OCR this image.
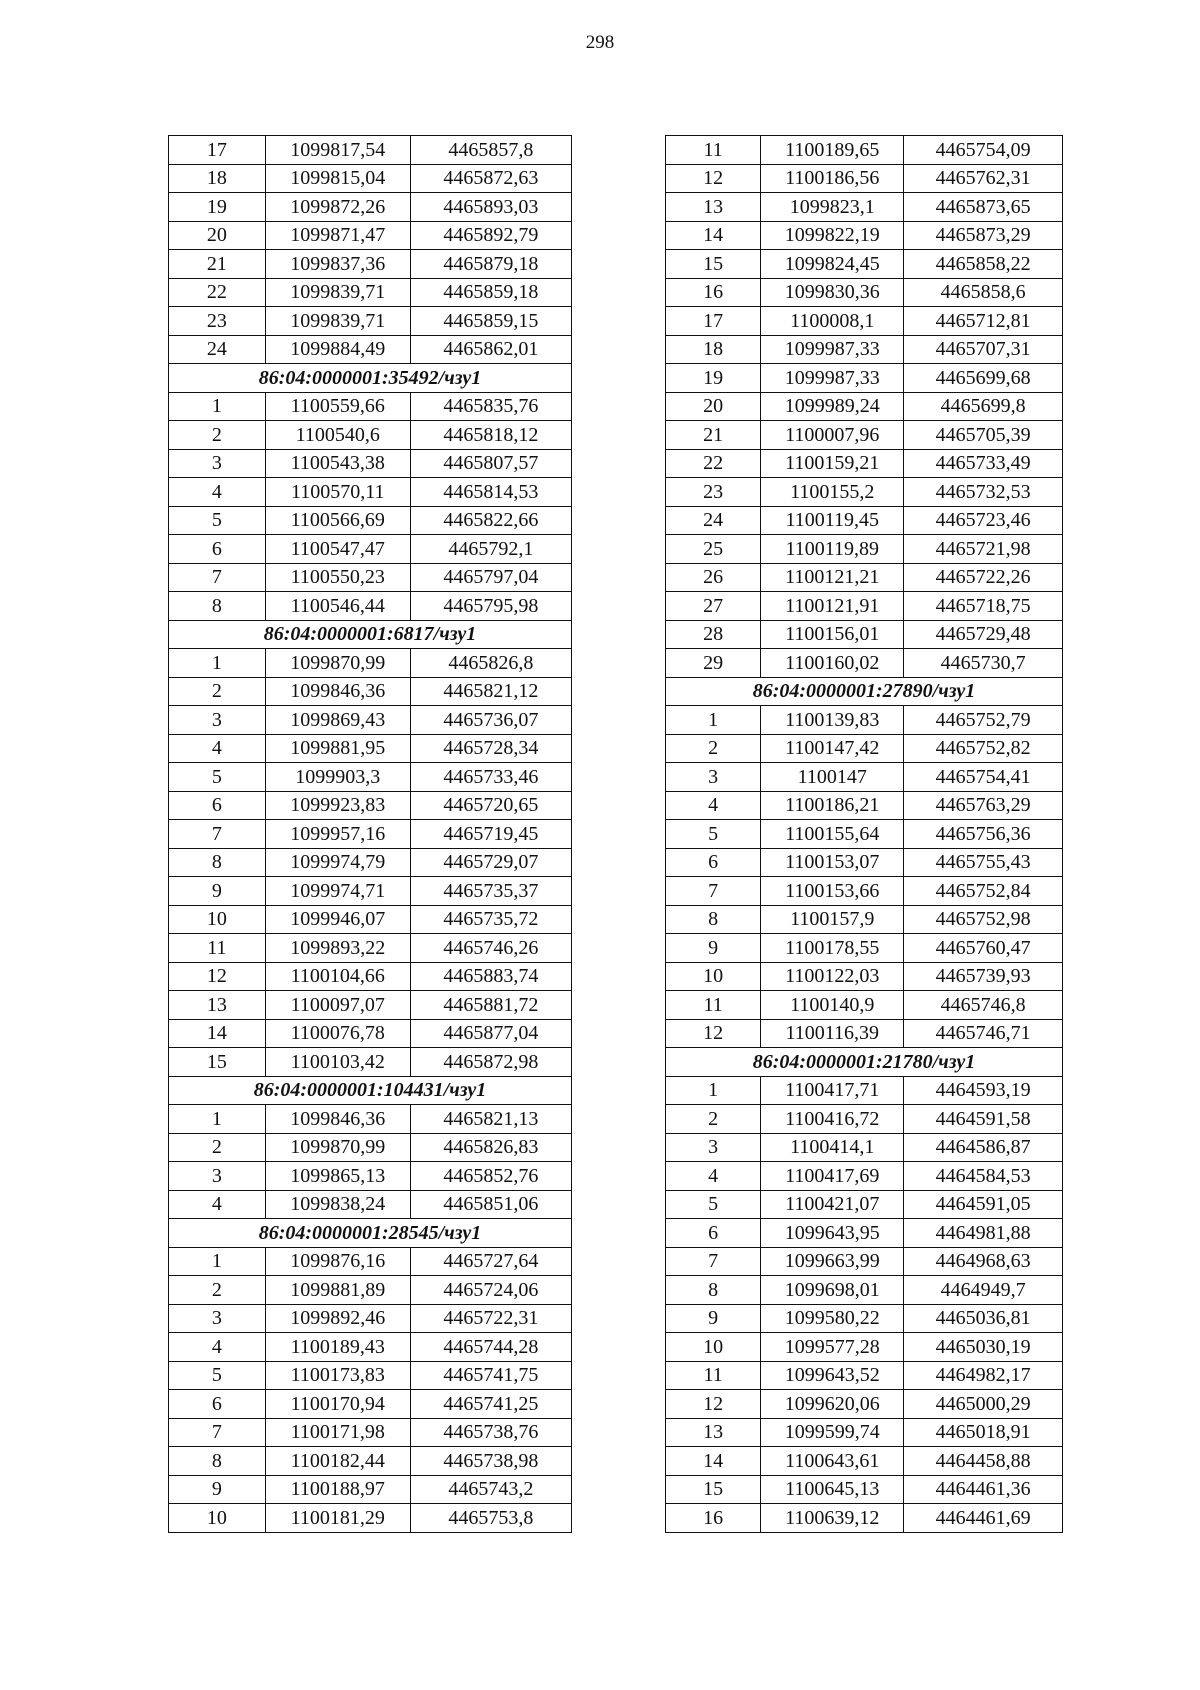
298
17	1099817,54	4465857,8
18	1099815,04	4465872,63
19	1099872,26	4465893,03
20	1099871,47	4465892,79
21	1099837,36	4465879,18
22	1099839,71	4465859,18
23	1099839,71	4465859,15
24	1099884,49	4465862,01
86:04:0000001:35492/чзу1		
1	1100559,66	4465835,76
2	1100540,6	4465818,12
3	1100543,38	4465807,57
4	1100570,11	4465814,53
5	1100566,69	4465822,66
6	1100547,47	4465792,1
7	1100550,23	4465797,04
8	1100546,44	4465795,98
86:04:0000001:6817/чзу1		
1	1099870,99	4465826,8
2	1099846,36	4465821,12
3	1099869,43	4465736,07
4	1099881,95	4465728,34
5	1099903,3	4465733,46
6	1099923,83	4465720,65
7	1099957,16	4465719,45
8	1099974,79	4465729,07
9	1099974,71	4465735,37
10	1099946,07	4465735,72
11	1099893,22	4465746,26
12	1100104,66	4465883,74
13	1100097,07	4465881,72
14	1100076,78	4465877,04
15	1100103,42	4465872,98
86:04:0000001:104431/чзу1		
1	1099846,36	4465821,13
2	1099870,99	4465826,83
3	1099865,13	4465852,76
4	1099838,24	4465851,06
86:04:0000001:28545/чзу1		
1	1099876,16	4465727,64
2	1099881,89	4465724,06
3	1099892,46	4465722,31
4	1100189,43	4465744,28
5	1100173,83	4465741,75
6	1100170,94	4465741,25
7	1100171,98	4465738,76
8	1100182,44	4465738,98
9	1100188,97	4465743,2
10	1100181,29	4465753,8
11	1100189,65	4465754,09
12	1100186,56	4465762,31
13	1099823,1	4465873,65
14	1099822,19	4465873,29
15	1099824,45	4465858,22
16	1099830,36	4465858,6
17	1100008,1	4465712,81
18	1099987,33	4465707,31
19	1099987,33	4465699,68
20	1099989,24	4465699,8
21	1100007,96	4465705,39
22	1100159,21	4465733,49
23	1100155,2	4465732,53
24	1100119,45	4465723,46
25	1100119,89	4465721,98
26	1100121,21	4465722,26
27	1100121,91	4465718,75
28	1100156,01	4465729,48
29	1100160,02	4465730,7
86:04:0000001:27890/чзу1		
1	1100139,83	4465752,79
2	1100147,42	4465752,82
3	1100147	4465754,41
4	1100186,21	4465763,29
5	1100155,64	4465756,36
6	1100153,07	4465755,43
7	1100153,66	4465752,84
8	1100157,9	4465752,98
9	1100178,55	4465760,47
10	1100122,03	4465739,93
11	1100140,9	4465746,8
12	1100116,39	4465746,71
86:04:0000001:21780/чзу1		
1	1100417,71	4464593,19
2	1100416,72	4464591,58
3	1100414,1	4464586,87
4	1100417,69	4464584,53
5	1100421,07	4464591,05
6	1099643,95	4464981,88
7	1099663,99	4464968,63
8	1099698,01	4464949,7
9	1099580,22	4465036,81
10	1099577,28	4465030,19
11	1099643,52	4464982,17
12	1099620,06	4465000,29
13	1099599,74	4465018,91
14	1100643,61	4464458,88
15	1100645,13	4464461,36
16	1100639,12	4464461,69
